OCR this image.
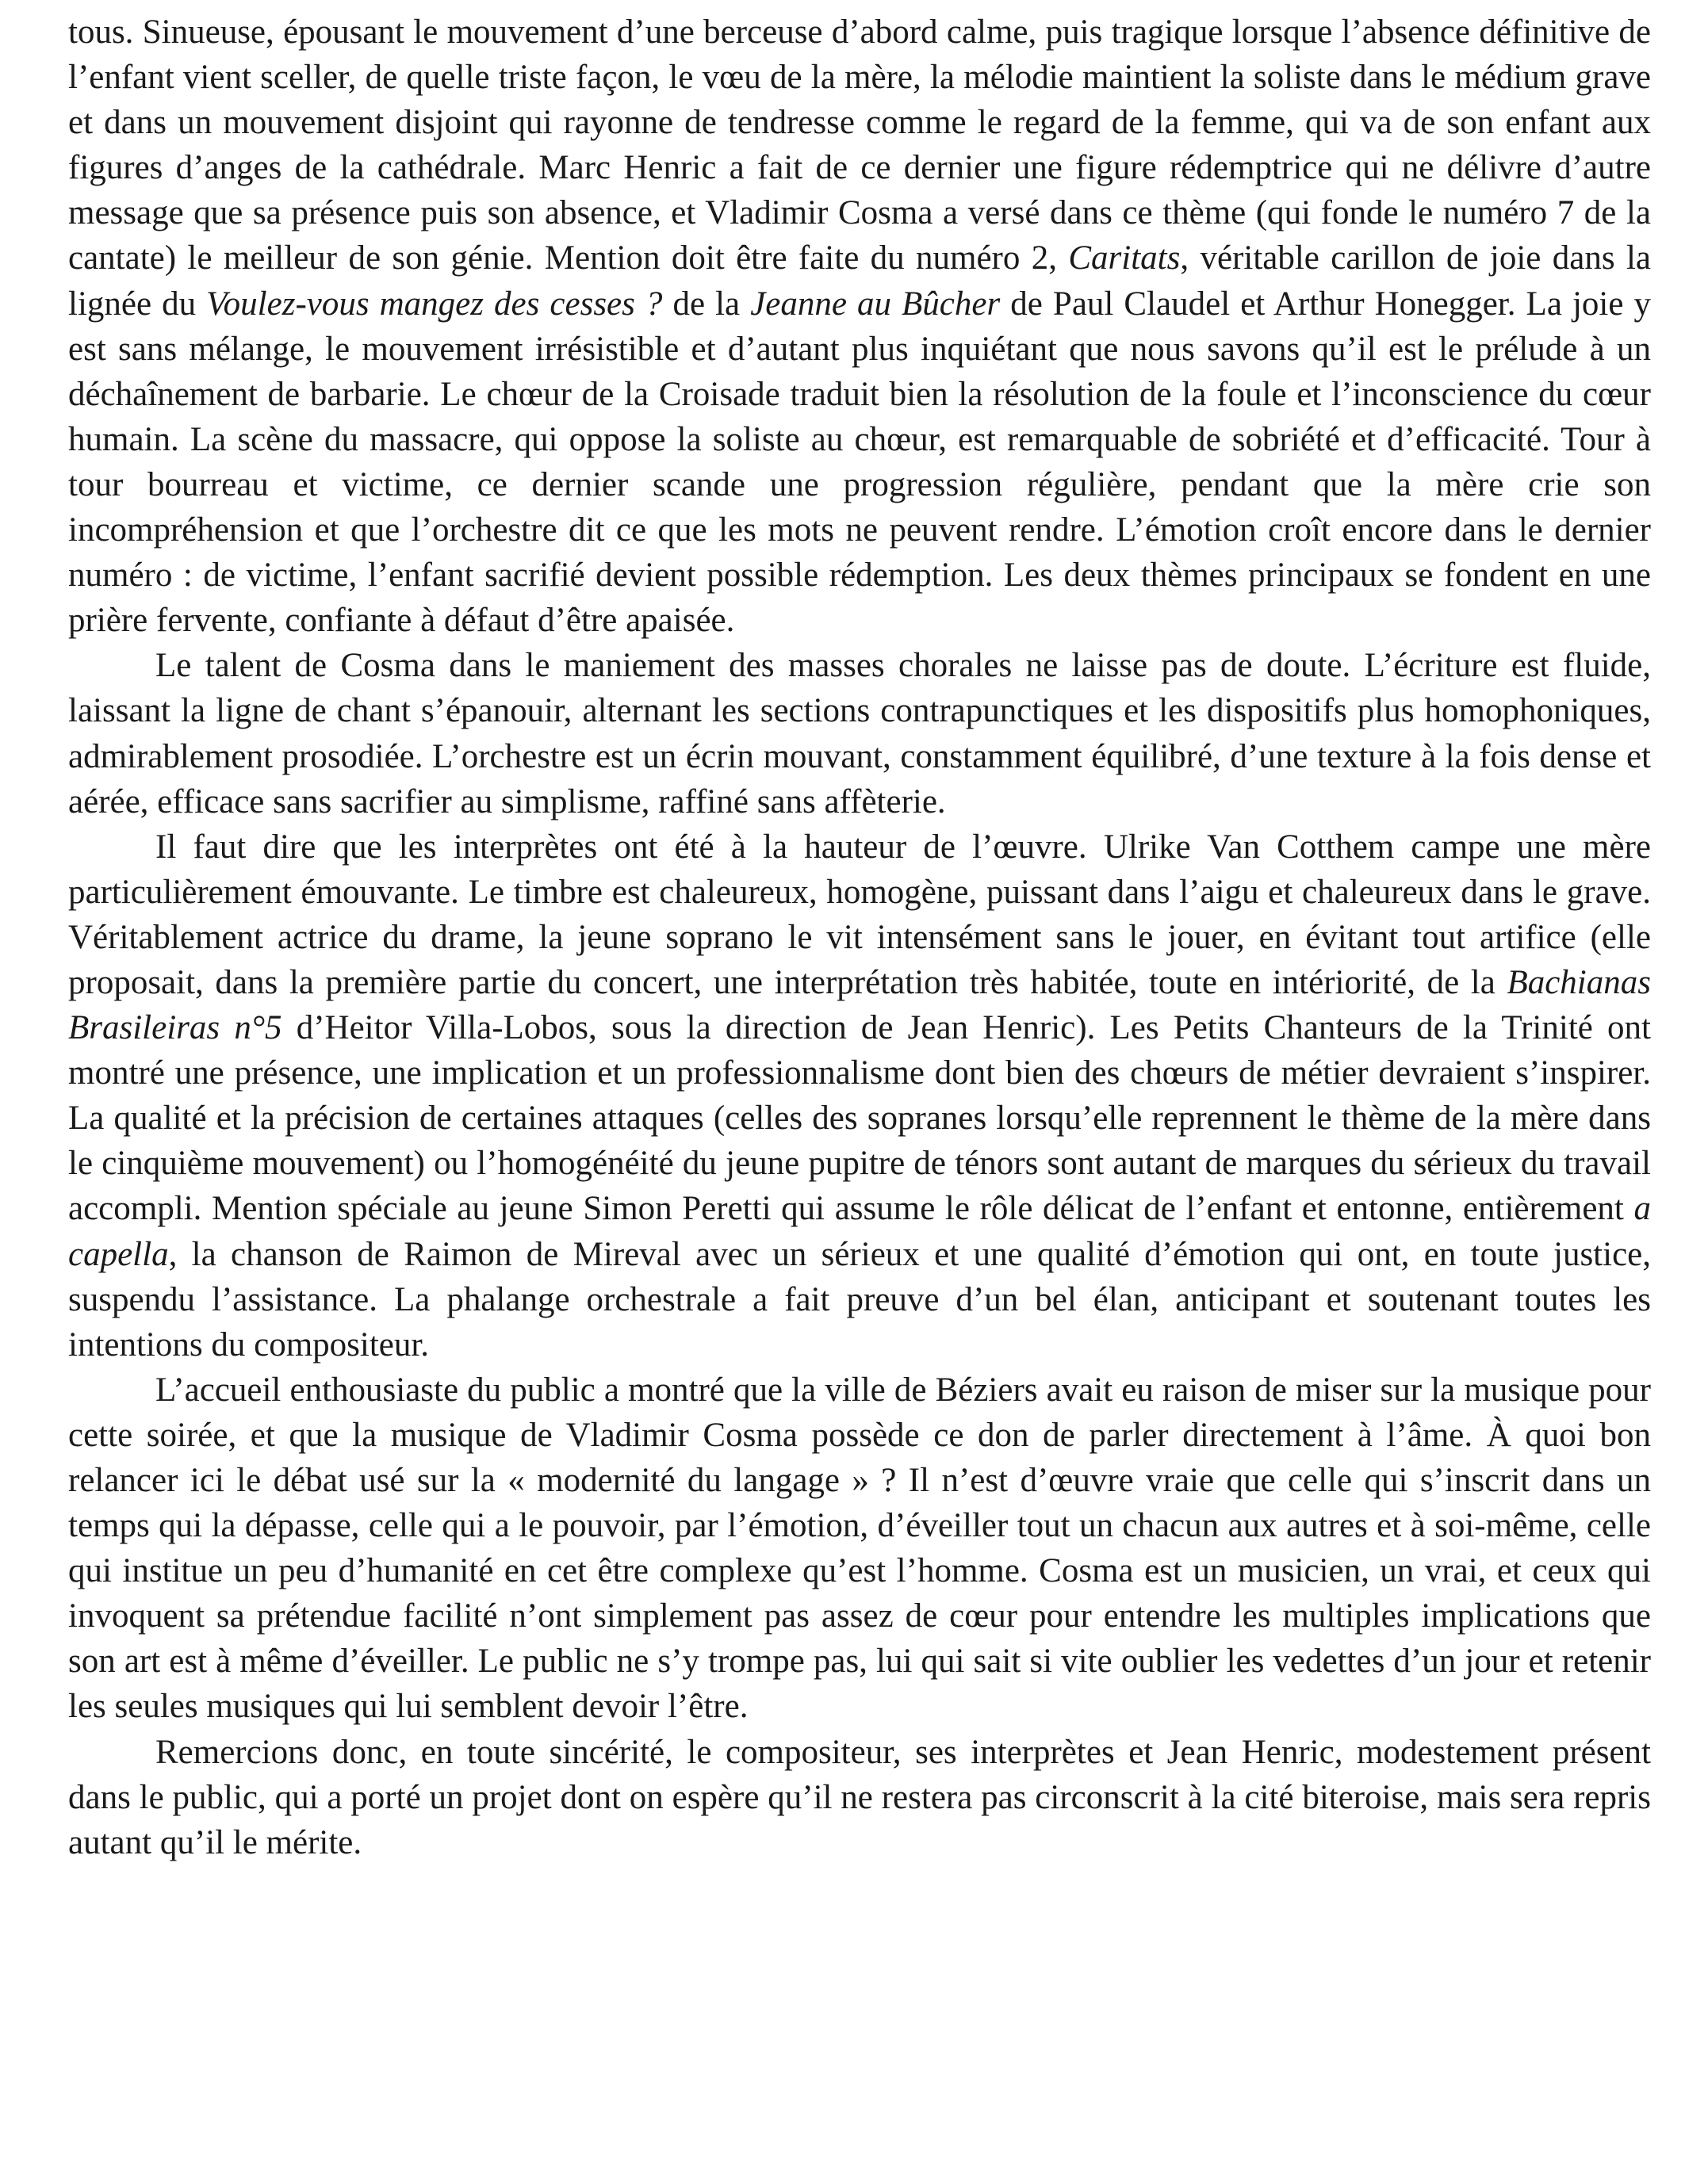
tous. Sinueuse, épousant le mouvement d’une berceuse d’abord calme, puis tragique lorsque l’absence définitive de l’enfant vient sceller, de quelle triste façon, le vœu de la mère, la mélodie maintient la soliste dans le médium grave et dans un mouvement disjoint qui rayonne de tendresse comme le regard de la femme, qui va de son enfant aux figures d’anges de la cathédrale. Marc Henric a fait de ce dernier une figure rédemptrice qui ne délivre d’autre message que sa présence puis son absence, et Vladimir Cosma a versé dans ce thème (qui fonde le numéro 7 de la cantate) le meilleur de son génie. Mention doit être faite du numéro 2, Caritats, véritable carillon de joie dans la lignée du Voulez-vous mangez des cesses ? de la Jeanne au Bûcher de Paul Claudel et Arthur Honegger. La joie y est sans mélange, le mouvement irrésistible et d’autant plus inquiétant que nous savons qu’il est le prélude à un déchaînement de barbarie. Le chœur de la Croisade traduit bien la résolution de la foule et l’inconscience du cœur humain. La scène du massacre, qui oppose la soliste au chœur, est remarquable de sobriété et d’efficacité. Tour à tour bourreau et victime, ce dernier scande une progression régulière, pendant que la mère crie son incompréhension et que l’orchestre dit ce que les mots ne peuvent rendre. L’émotion croît encore dans le dernier numéro : de victime, l’enfant sacrifié devient possible rédemption. Les deux thèmes principaux se fondent en une prière fervente, confiante à défaut d’être apaisée.

Le talent de Cosma dans le maniement des masses chorales ne laisse pas de doute. L’écriture est fluide, laissant la ligne de chant s’épanouir, alternant les sections contrapunctiques et les dispositifs plus homophoniques, admirablement prosodiée. L’orchestre est un écrin mouvant, constamment équilibré, d’une texture à la fois dense et aérée, efficace sans sacrifier au simplisme, raffiné sans affèterie.

Il faut dire que les interprètes ont été à la hauteur de l’œuvre. Ulrike Van Cotthem campe une mère particulièrement émouvante. Le timbre est chaleureux, homogène, puissant dans l’aigu et chaleureux dans le grave. Véritablement actrice du drame, la jeune soprano le vit intensément sans le jouer, en évitant tout artifice (elle proposait, dans la première partie du concert, une interprétation très habitée, toute en intériorité, de la Bachianas Brasileiras n°5 d’Heitor Villa-Lobos, sous la direction de Jean Henric). Les Petits Chanteurs de la Trinité ont montré une présence, une implication et un professionnalisme dont bien des chœurs de métier devraient s’inspirer. La qualité et la précision de certaines attaques (celles des sopranes lorsqu’elle reprennent le thème de la mère dans le cinquième mouvement) ou l’homogénéité du jeune pupitre de ténors sont autant de marques du sérieux du travail accompli. Mention spéciale au jeune Simon Peretti qui assume le rôle délicat de l’enfant et entonne, entièrement a capella, la chanson de Raimon de Mireval avec un sérieux et une qualité d’émotion qui ont, en toute justice, suspendu l’assistance. La phalange orchestrale a fait preuve d’un bel élan, anticipant et soutenant toutes les intentions du compositeur.

L’accueil enthousiaste du public a montré que la ville de Béziers avait eu raison de miser sur la musique pour cette soirée, et que la musique de Vladimir Cosma possède ce don de parler directement à l’âme. À quoi bon relancer ici le débat usé sur la « modernité du langage » ? Il n’est d’œuvre vraie que celle qui s’inscrit dans un temps qui la dépasse, celle qui a le pouvoir, par l’émotion, d’éveiller tout un chacun aux autres et à soi-même, celle qui institue un peu d’humanité en cet être complexe qu’est l’homme. Cosma est un musicien, un vrai, et ceux qui invoquent sa prétendue facilité n’ont simplement pas assez de cœur pour entendre les multiples implications que son art est à même d’éveiller. Le public ne s’y trompe pas, lui qui sait si vite oublier les vedettes d’un jour et retenir les seules musiques qui lui semblent devoir l’être.

Remercions donc, en toute sincérité, le compositeur, ses interprètes et Jean Henric, modestement présent dans le public, qui a porté un projet dont on espère qu’il ne restera pas circonscrit à la cité biteroise, mais sera repris autant qu’il le mérite.
